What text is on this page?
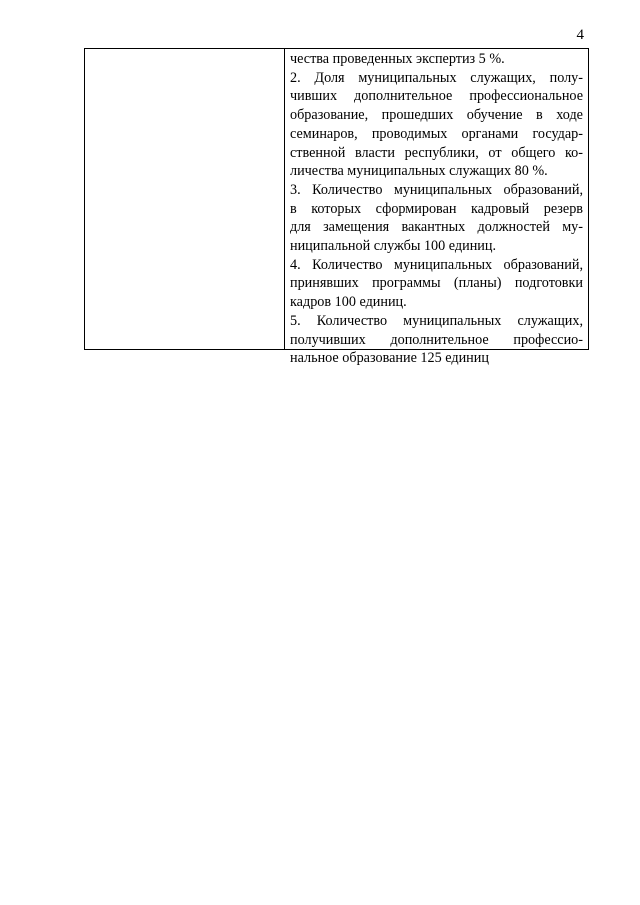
4
чества проведенных экспертиз 5 %.
2. Доля муниципальных служащих, полу-
чивших дополнительное профессиональное
образование, прошедших обучение в ходе
семинаров, проводимых органами государ-
ственной власти республики, от общего ко-
личества муниципальных служащих 80 %.
3. Количество муниципальных образований,
в которых сформирован кадровый резерв
для замещения вакантных должностей му-
ниципальной службы 100 единиц.
4. Количество муниципальных образований,
принявших программы (планы) подготовки
кадров 100 единиц.
5. Количество муниципальных служащих,
получивших дополнительное профессио-
нальное образование 125 единиц
